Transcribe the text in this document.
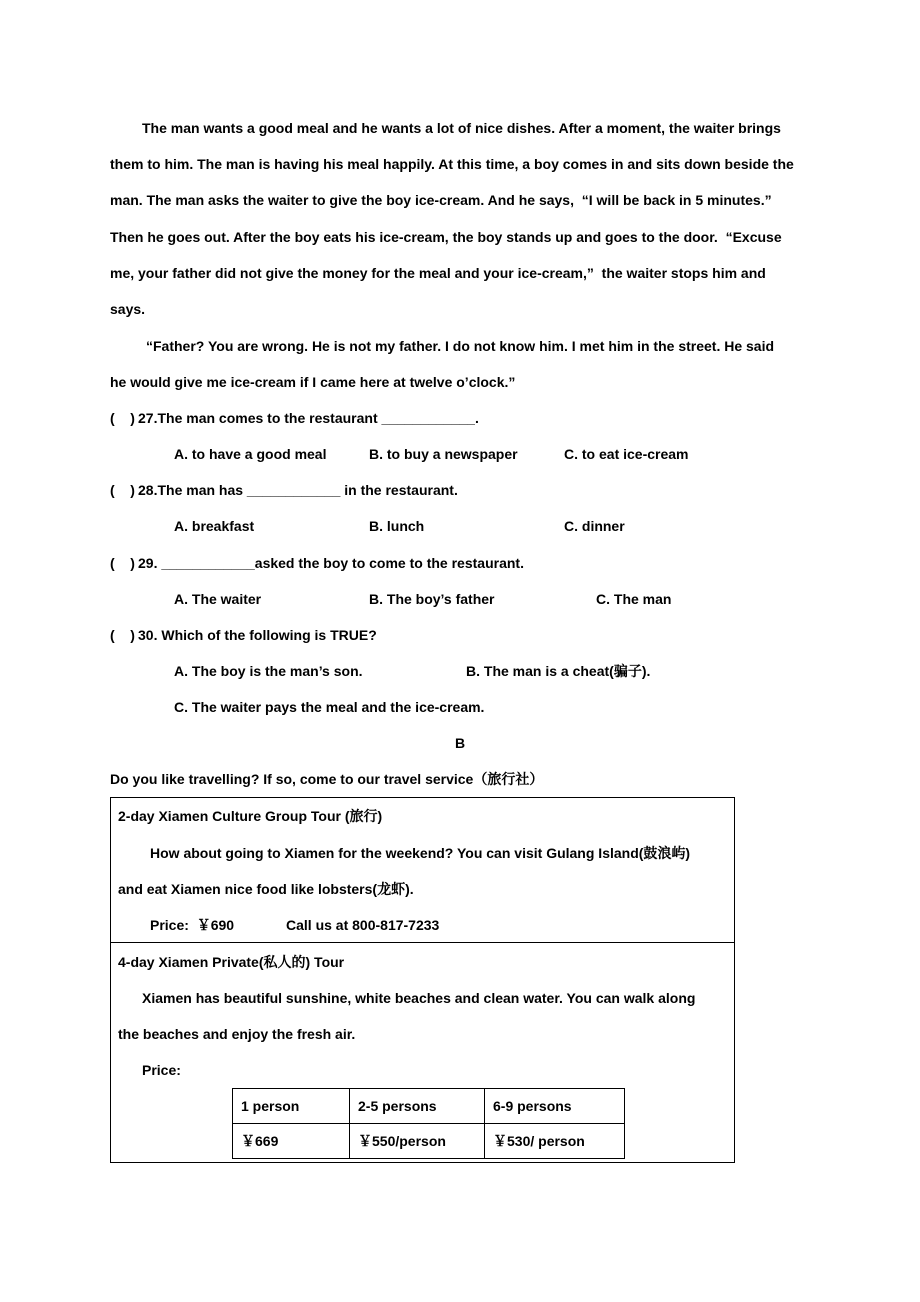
The man wants a good meal and he wants a lot of nice dishes. After a moment, the waiter brings
them to him. The man is having his meal happily. At this time, a boy comes in and sits down beside the
man. The man asks the waiter to give the boy ice-cream. And he says,  “I will be back in 5 minutes.”
Then he goes out. After the boy eats his ice-cream, the boy stands up and goes to the door.  “Excuse
me, your father did not give the money for the meal and your ice-cream,”  the waiter stops him and
says.
“Father? You are wrong. He is not my father. I do not know him. I met him in the street. He said
he would give me ice-cream if I came here at twelve o’clock.”
(    ) 27.The man comes to the restaurant ____________.
A. to have a good meal	B. to buy a newspaper	C. to eat ice-cream
(    ) 28.The man has ____________ in the restaurant.
A. breakfast	B. lunch	C. dinner
(    ) 29. ____________asked the boy to come to the restaurant.
A. The waiter	B. The boy’s father	C. The man
(    ) 30. Which of the following is TRUE?
A. The boy is the man’s son.	B. The man is a cheat(骗子).
C. The waiter pays the meal and the ice-cream.
B
Do you like travelling? If so, come to our travel service（旅行社）
2-day Xiamen Culture Group Tour (旅行)
How about going to Xiamen for the weekend? You can visit Gulang Island(鼓浪屿)
and eat Xiamen nice food like lobsters(龙虾).
Price:  ￥690	Call us at 800-817-7233
4-day Xiamen Private(私人的) Tour
Xiamen has beautiful sunshine, white beaches and clean water. You can walk along
the beaches and enjoy the fresh air.
Price:
1 person	2-5 persons	6-9 persons
￥669	￥550/person	￥530/ person
